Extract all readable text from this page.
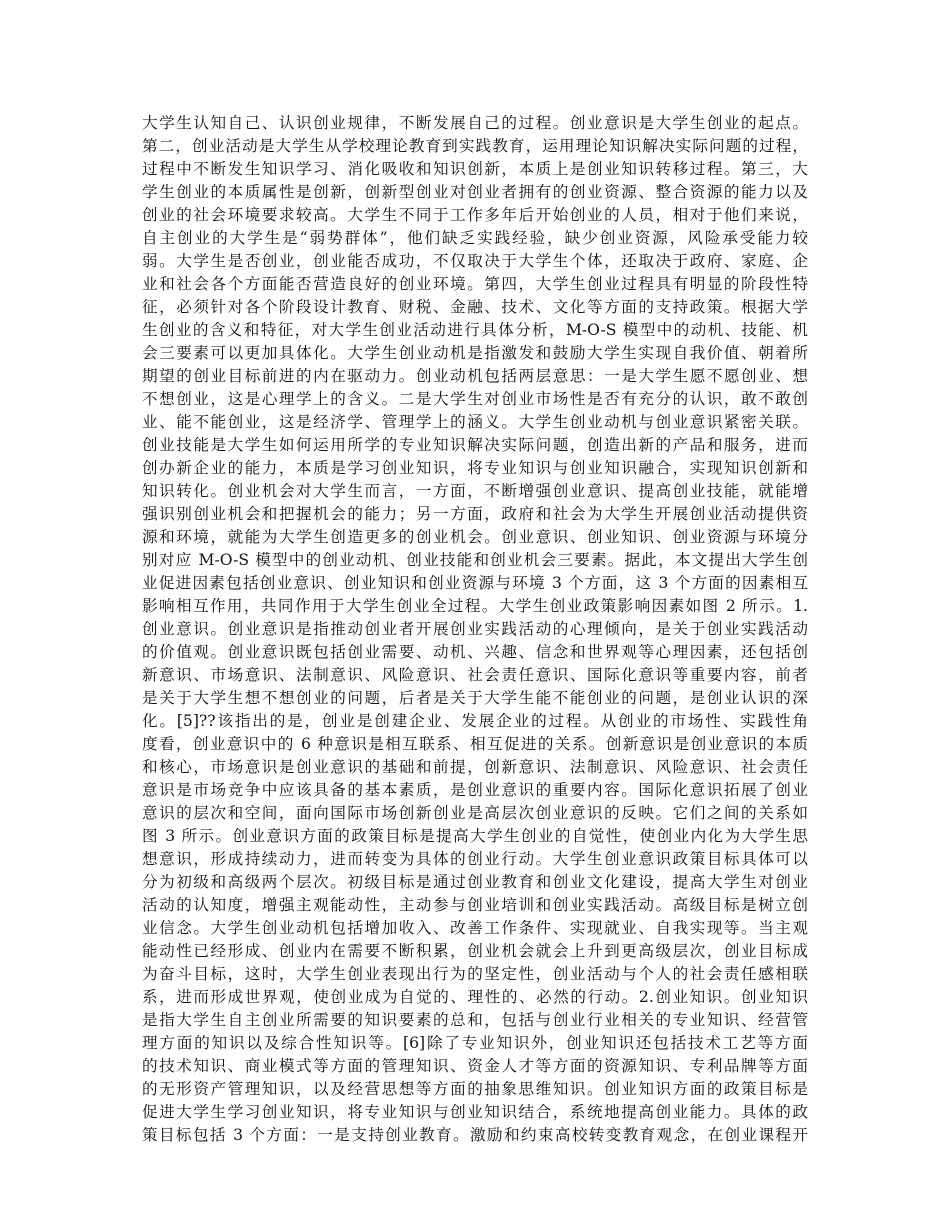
大学生认知自己、认识创业规律，不断发展自己的过程。创业意识是大学生创业的起点。
第二，创业活动是大学生从学校理论教育到实践教育，运用理论知识解决实际问题的过程，
过程中不断发生知识学习、消化吸收和知识创新，本质上是创业知识转移过程。第三，大
学生创业的本质属性是创新，创新型创业对创业者拥有的创业资源、整合资源的能力以及
创业的社会环境要求较高。大学生不同于工作多年后开始创业的人员，相对于他们来说，
自主创业的大学生是“弱势群体”，他们缺乏实践经验，缺少创业资源，风险承受能力较
弱。大学生是否创业，创业能否成功，不仅取决于大学生个体，还取决于政府、家庭、企
业和社会各个方面能否营造良好的创业环境。第四，大学生创业过程具有明显的阶段性特
征，必须针对各个阶段设计教育、财税、金融、技术、文化等方面的支持政策。根据大学
生创业的含义和特征，对大学生创业活动进行具体分析，M-O-S 模型中的动机、技能、机
会三要素可以更加具体化。大学生创业动机是指激发和鼓励大学生实现自我价值、朝着所
期望的创业目标前进的内在驱动力。创业动机包括两层意思：一是大学生愿不愿创业、想
不想创业，这是心理学上的含义。二是大学生对创业市场性是否有充分的认识，敢不敢创
业、能不能创业，这是经济学、管理学上的涵义。大学生创业动机与创业意识紧密关联。
创业技能是大学生如何运用所学的专业知识解决实际问题，创造出新的产品和服务，进而
创办新企业的能力，本质是学习创业知识，将专业知识与创业知识融合，实现知识创新和
知识转化。创业机会对大学生而言，一方面，不断增强创业意识、提高创业技能，就能增
强识别创业机会和把握机会的能力；另一方面，政府和社会为大学生开展创业活动提供资
源和环境，就能为大学生创造更多的创业机会。创业意识、创业知识、创业资源与环境分
别对应 M-O-S 模型中的创业动机、创业技能和创业机会三要素。据此，本文提出大学生创
业促进因素包括创业意识、创业知识和创业资源与环境 3 个方面，这 3 个方面的因素相互
影响相互作用，共同作用于大学生创业全过程。大学生创业政策影响因素如图 2 所示。1.
创业意识。创业意识是指推动创业者开展创业实践活动的心理倾向，是关于创业实践活动
的价值观。创业意识既包括创业需要、动机、兴趣、信念和世界观等心理因素，还包括创
新意识、市场意识、法制意识、风险意识、社会责任意识、国际化意识等重要内容，前者
是关于大学生想不想创业的问题，后者是关于大学生能不能创业的问题，是创业认识的深
化。[5]??该指出的是，创业是创建企业、发展企业的过程。从创业的市场性、实践性角
度看，创业意识中的 6 种意识是相互联系、相互促进的关系。创新意识是创业意识的本质
和核心，市场意识是创业意识的基础和前提，创新意识、法制意识、风险意识、社会责任
意识是市场竞争中应该具备的基本素质，是创业意识的重要内容。国际化意识拓展了创业
意识的层次和空间，面向国际市场创新创业是高层次创业意识的反映。它们之间的关系如
图 3 所示。创业意识方面的政策目标是提高大学生创业的自觉性，使创业内化为大学生思
想意识，形成持续动力，进而转变为具体的创业行动。大学生创业意识政策目标具体可以
分为初级和高级两个层次。初级目标是通过创业教育和创业文化建设，提高大学生对创业
活动的认知度，增强主观能动性，主动参与创业培训和创业实践活动。高级目标是树立创
业信念。大学生创业动机包括增加收入、改善工作条件、实现就业、自我实现等。当主观
能动性已经形成、创业内在需要不断积累，创业机会就会上升到更高级层次，创业目标成
为奋斗目标，这时，大学生创业表现出行为的坚定性，创业活动与个人的社会责任感相联
系，进而形成世界观，使创业成为自觉的、理性的、必然的行动。2.创业知识。创业知识
是指大学生自主创业所需要的知识要素的总和，包括与创业行业相关的专业知识、经营管
理方面的知识以及综合性知识等。[6]除了专业知识外，创业知识还包括技术工艺等方面
的技术知识、商业模式等方面的管理知识、资金人才等方面的资源知识、专利品牌等方面
的无形资产管理知识，以及经营思想等方面的抽象思维知识。创业知识方面的政策目标是
促进大学生学习创业知识，将专业知识与创业知识结合，系统地提高创业能力。具体的政
策目标包括 3 个方面：一是支持创业教育。激励和约束高校转变教育观念，在创业课程开
